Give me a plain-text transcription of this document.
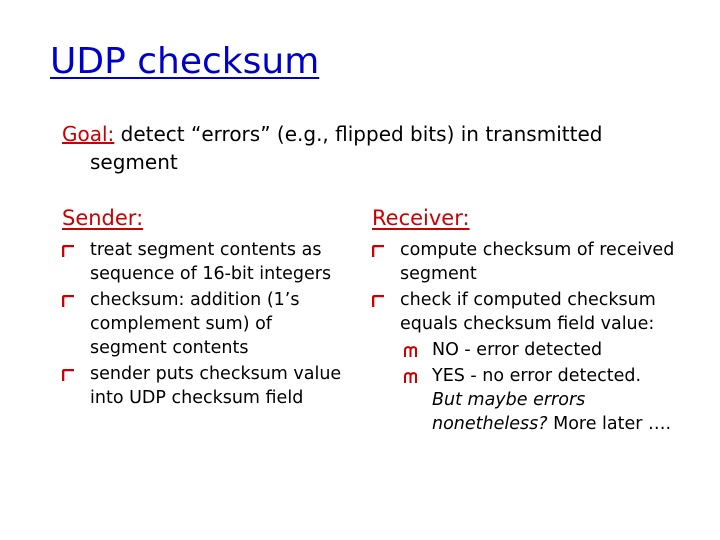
UDP checksum
Goal: detect “errors” (e.g., flipped bits) in transmitted
segment
Sender:	Receiver:
treat segment contents as sequence of 16-bit integers
checksum: addition (1’s complement sum) of segment contents
sender puts checksum value into UDP checksum field
compute checksum of received segment
check if computed checksum equals checksum field value:
NO - error detected
YES - no error detected.
But maybe errors nonetheless? More later ….
